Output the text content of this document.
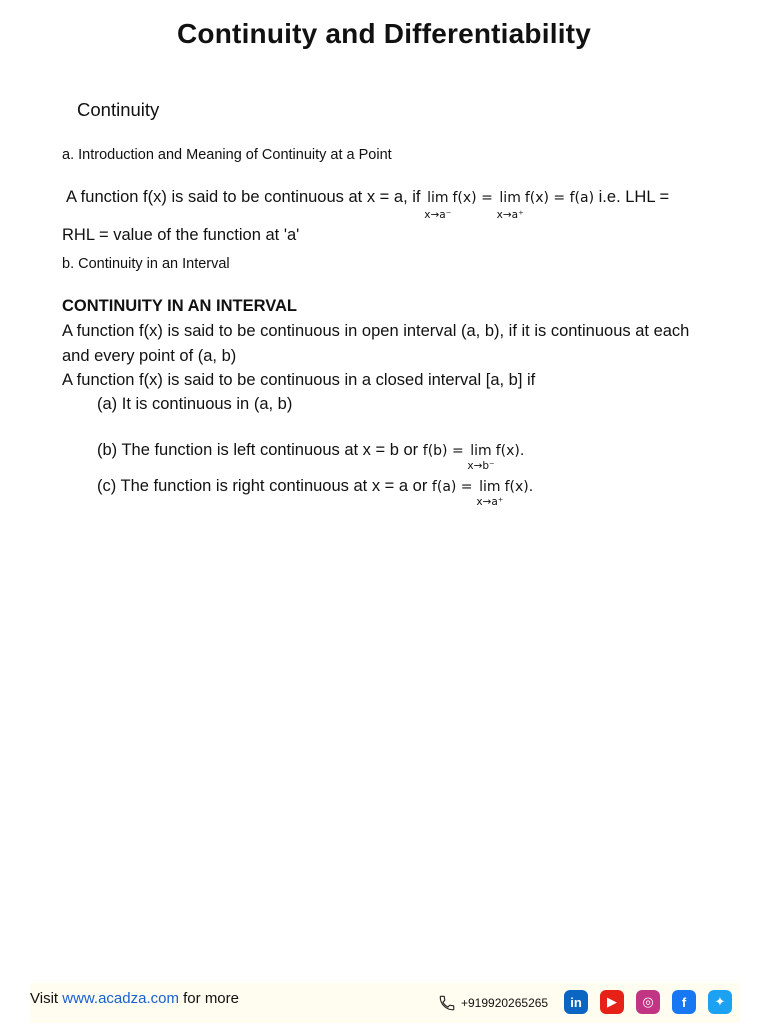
Continuity and Differentiability
Continuity
a. Introduction and Meaning of Continuity at a Point
A function f(x) is said to be continuous at x = a, if lim
x→a⁻
f(x) = lim
x→a⁺
f(x) = f(a) i.e. LHL =
RHL = value of the function at 'a'
b. Continuity in an Interval
CONTINUITY IN AN INTERVAL
A function f(x) is said to be continuous in open interval (a, b), if it is continuous at each and every point of (a, b)
A function f(x) is said to be continuous in a closed interval [a, b] if
(a) It is continuous in (a, b)
(b) The function is left continuous at x = b or f(b) = lim
x→b⁻
f(x).
(c) The function is right continuous at x = a or f(a) = lim
x→a⁺
f(x).
Visit www.acadza.com for more	+919920265265	in	▶	◎	f	✦
